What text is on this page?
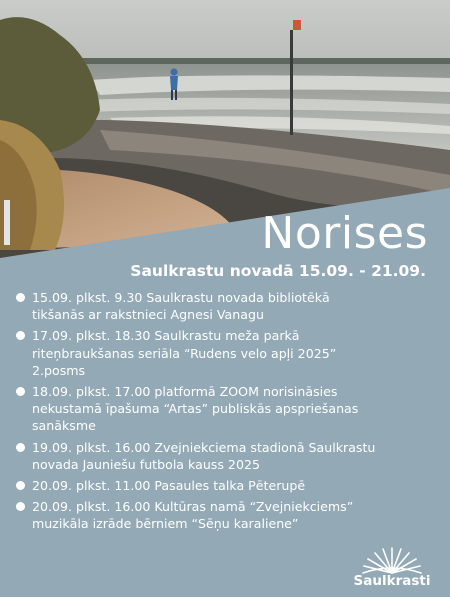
Norises
Saulkrastu novadā 15.09. - 21.09.
15.09. plkst. 9.30 Saulkrastu novada bibliotēkā
tikšanās ar rakstnieci Agnesi Vanagu
17.09. plkst. 18.30 Saulkrastu meža parkā
riteņbraukšanas seriāla “Rudens velo apļi 2025”
2.posms
18.09. plkst. 17.00 platformā ZOOM norisināsies
nekustamā īpašuma “Artas” publiskās apspriešanas
sanāksme
19.09. plkst. 16.00 Zvejniekciema stadionā Saulkrastu
novada Jauniešu futbola kauss 2025
20.09. plkst. 11.00 Pasaules talka Pēterupē
20.09. plkst. 16.00 Kultūras namā “Zvejniekciems”
muzikāla izrāde bērniem “Sēņu karaliene”
Saulkrasti
